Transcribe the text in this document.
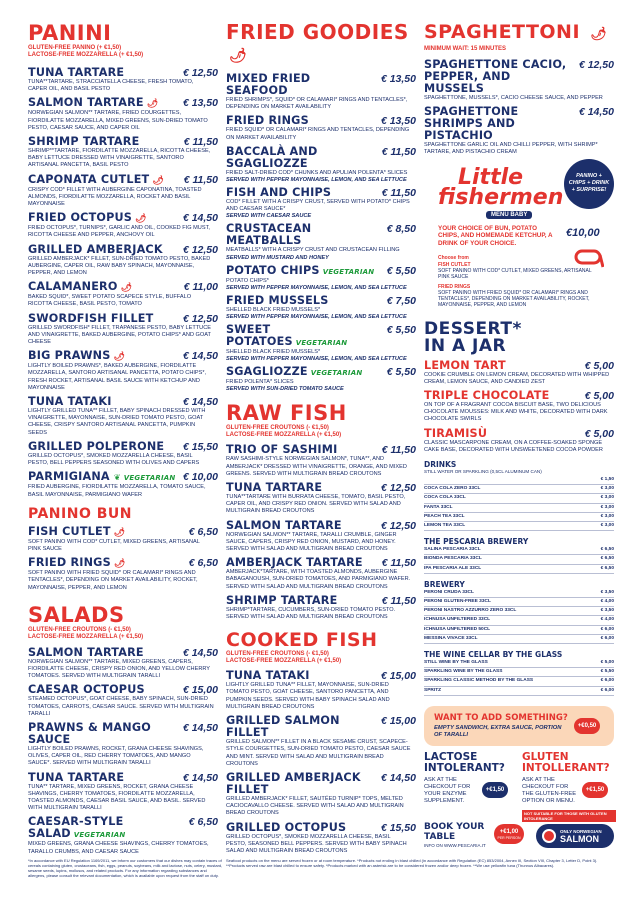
PANINI
GLUTEN-FREE PANINO (+ €1,50)
LACTOSE-FREE MOZZARELLA (+ €1,50)
TUNA TARTARE	€ 12,50
TUNA**TARTARE, STRACCIATELLA CHEESE, FRESH TOMATO, CAPER OIL, AND BASIL PESTO
SALMON TARTARE 🌶	€ 13,50
NORWEGIAN SALMON** TARTARE, FRIED COURGETTES, FIORDILATTE MOZZARELLA, MIXED GREENS, SUN-DRIED TOMATO PESTO, CAESAR SAUCE, AND CAPER OIL
SHRIMP TARTARE	€ 11,50
SHRIMP**TARTARE, FIORDILATTE MOZZARELLA, RICOTTA CHEESE, BABY LETTUCE DRESSED WITH VINAIGRETTE, SANTORO ARTISANAL PANCETTA, BASIL PESTO
CAPONATA CUTLET 🌶	€ 11,50
CRISPY COD* FILLET WITH AUBERGINE CAPONATINA, TOASTED ALMONDS, FIORDILATTE MOZZARELLA, ROCKET AND BASIL MAYONNAISE
FRIED OCTOPUS 🌶	€ 14,50
FRIED OCTOPUS*, TURNIPS*, GARLIC AND OIL, COOKED FIG MUST, RICOTTA CHEESE AND PEPPER, ANCHOVY OIL
GRILLED AMBERJACK	€ 12,50
GRILLED AMBERJACK* FILLET, SUN-DRIED TOMATO PESTO, BAKED AUBERGINE, CAPER OIL, RAW BABY SPINACH, MAYONNAISE, PEPPER, AND LEMON
CALAMANERO 🌶	€ 11,00
BAKED SQUID*, SWEET POTATO SCAPECE STYLE, BUFFALO RICOTTA CHEESE, BASIL PESTO, TOMATO
SWORDFISH FILLET	€ 12,50
GRILLED SWORDFISH* FILLET, TRAPANESE PESTO, BABY LETTUCE AND VINAIGRETTE, BAKED AUBERGINE, POTATO CHIPS* AND GOAT CHEESE
BIG PRAWNS 🌶	€ 14,50
LIGHTLY BOILED PRAWNS*, BAKED AUBERGINE, FIORDILATTE MOZZARELLA, SANTORO ARTISANAL PANCETTA, POTATO CHIPS*, FRESH ROCKET, ARTISANAL BASIL SAUCE WITH KETCHUP AND MAYONNAISE
TUNA TATAKI	€ 14,50
LIGHTLY GRILLED TUNA** FILLET, BABY SPINACH DRESSED WITH VINAIGRETTE, MAYONNAISE, SUN-DRIED TOMATO PESTO, GOAT CHEESE, CRISPY SANTORO ARTISANAL PANCETTA, PUMPKIN SEEDS
GRILLED POLPERONE	€ 15,50
GRILLED OCTOPUS*, SMOKED MOZZARELLA CHEESE, BASIL PESTO, BELL PEPPERS SEASONED WITH OLIVES AND CAPERS
PARMIGIANA ❦ VEGETARIAN € 10,00
FRIED AUBERGINE, FIORDILATTE MOZZARELLA, TOMATO SAUCE, BASIL MAYONNAISE, PARMIGIANO WAFER
PANINO BUN
FISH CUTLET 🌶	€ 6,50
SOFT PANINO WITH COD* CUTLET, MIXED GREENS, ARTISANAL PINK SAUCE
FRIED RINGS 🌶	€ 6,50
SOFT PANINO WITH FRIED SQUID* OR CALAMARI* RINGS AND TENTACLES*, DEPENDING ON MARKET AVAILABILITY, ROCKET, MAYONNAISE, PEPPER, AND LEMON
SALADS
GLUTEN-FREE CROUTONS (- €1,50)
LACTOSE-FREE MOZZARELLA (+ €1,50)
SALMON TARTARE	€ 14,50
NORWEGIAN SALMON** TARTARE, MIXED GREENS, CAPERS, FIORDILATTE CHEESE, CRISPY RED ONION, AND YELLOW CHERRY TOMATOES. SERVED WITH MULTIGRAIN TARALLI
CAESAR OCTOPUS	€ 15,00
STEAMED OCTOPUS*, GOAT CHEESE, BABY SPINACH, SUN-DRIED TOMATOES, CARROTS, CAESAR SAUCE. SERVED WITH MULTIGRAIN TARALLI
PRAWNS & MANGO SAUCE
€ 14,50
LIGHTLY BOILED PRAWNS, ROCKET, GRANA CHEESE SHAVINGS, OLIVES, CAPER OIL, RED CHERRY TOMATOES, AND MANGO SAUCE*. SERVED WITH MULTIGRAIN TARALLI
TUNA TARTARE	€ 14,50
TUNA** TARTARE, MIXED GREENS, ROCKET, GRANA CHEESE SHAVINGS, CHERRY TOMATOES, FIORDILATTE MOZZARELLA, TOASTED ALMONDS, CAESAR BASIL SAUCE, AND BASIL. SERVED WITH MULTIGRAIN TARALLI
CAESAR-STYLE SALAD VEGETARIAN
€ 6,50
MIXED GREENS, GRANA CHEESE SHAVINGS, CHERRY TOMATOES, TARALLO CRUMBS, AND CAESAR SAUCE
FRIED GOODIES 🌶
MIXED FRIED SEAFOOD
€ 13,50
FRIED SHRIMPS*, SQUID* OR CALAMARI* RINGS AND TENTACLES*, DEPENDING ON MARKET AVAILABILITY
FRIED RINGS	€ 13,50
FRIED SQUID* OR CALAMARI* RINGS AND TENTACLES, DEPENDING ON MARKET AVAILABILITY
BACCALÀ AND SGAGLIOZZE
€ 11,50
FRIED SALT-DRIED COD* CHUNKS AND APULIAN POLENTA* SLICES
SERVED WITH PEPPER MAYONNAISE, LEMON, AND SEA LETTUCE
FISH AND CHIPS	€ 11,50
COD* FILLET WITH A CRISPY CRUST, SERVED WITH POTATO* CHIPS AND CAESAR SAUCE*
SERVED WITH CAESAR SAUCE
CRUSTACEAN MEATBALLS
€ 8,50
MEATBALLS* WITH A CRISPY CRUST AND CRUSTACEAN FILLING
SERVED WITH MUSTARD AND HONEY
POTATO CHIPS VEGETARIAN	€ 5,50
POTATO CHIPS*
SERVED WITH PEPPER MAYONNAISE, LEMON, AND SEA LETTUCE
FRIED MUSSELS	€ 7,50
SHELLED BLACK FRIED MUSSELS*
SERVED WITH PEPPER MAYONNAISE, LEMON, AND SEA LETTUCE
SWEET POTATOES VEGETARIAN
€ 5,50
SHELLED BLACK FRIED MUSSELS*
SERVED WITH PEPPER MAYONNAISE, LEMON, AND SEA LETTUCE
SGAGLIOZZE VEGETARIAN	€ 5,50
FRIED POLENTA* SLICES
SERVED WITH SUN-DRIED TOMATO SAUCE
RAW FISH
GLUTEN-FREE CROUTONS (- €1,50)
LACTOSE-FREE MOZZARELLA (+ €1,50)
TRIO OF SASHIMI	€ 11,50
RAW SASHIMI-STYLE NORWEGIAN SALMON*, TUNA**, AND AMBERJACK* DRESSED WITH VINAIGRETTE, ORANGE, AND MIXED GREENS. SERVED WITH MULTIGRAIN BREAD CROUTONS
TUNA TARTARE	€ 12,50
TUNA**TARTARE WITH BURRATA CHEESE, TOMATO, BASIL PESTO, CAPER OIL, AND CRISPY RED ONION. SERVED WITH SALAD AND MULTIGRAIN BREAD CROUTONS
SALMON TARTARE	€ 12,50
NORWEGIAN SALMON** TARTARE, TARALLI CRUMBLE, GINGER SAUCE, CAPERS, CRISPY RED ONION, MUSTARD, AND HONEY. SERVED WITH SALAD AND MULTIGRAIN BREAD CROUTONS
AMBERJACK TARTARE	€ 11,50
AMBERJACK*TARTARE, WITH TOASTED ALMONDS, AUBERGINE BABAGANOUSH, SUN-DRIED TOMATOES, AND PARMIGIANO WAFER. SERVED WITH SALAD AND MULTIGRAIN BREAD CROUTONS
SHRIMP TARTARE	€ 11,50
SHRIMP*TARTARE, CUCUMBERS, SUN-DRIED TOMATO PESTO. SERVED WITH SALAD AND MULTIGRAIN BREAD CROUTONS
COOKED FISH
GLUTEN-FREE CROUTONS (- €1,50)
LACTOSE-FREE MOZZARELLA (+ €1,50)
TUNA TATAKI	€ 15,00
LIGHTLY GRILLED TUNA** FILLET, MAYONNAISE, SUN-DRIED TOMATO PESTO, GOAT CHEESE, SANTORO PANCETTA, AND PUMPKIN SEEDS. SERVED WITH BABY SPINACH SALAD AND MULTIGRAIN BREAD CROUTONS
GRILLED SALMON FILLET
€ 15,00
GRILLED SALMON** FILLET IN A BLACK SESAME CRUST, SCAPECE-STYLE COURGETTES, SUN-DRIED TOMATO PESTO, CAESAR SAUCE AND MINT. SERVED WITH SALAD AND MULTIGRAIN BREAD CROUTONS
GRILLED AMBERJACK FILLET
€ 14,50
GRILLED AMBERJACK* FILLET, SAUTÉED TURNIP* TOPS, MELTED CACIOCAVALLO CHEESE. SERVED WITH SALAD AND MULTIGRAIN BREAD CROUTONS
GRILLED OCTOPUS	€ 15,50
GRILLED OCTOPUS*, SMOKED MOZZARELLA CHEESE, BASIL PESTO, SEASONED BELL PEPPERS. SERVED WITH BABY SPINACH SALAD AND MULTIGRAIN BREAD CROUTONS
SPAGHETTONI 🌶
MINIMUM WAIT: 15 MINUTES
SPAGHETTONE CACIO, PEPPER, AND MUSSELS
€ 12,50
SPAGHETTONE, MUSSELS*, CACIO CHEESE SAUCE, AND PEPPER
SPAGHETTONE SHRIMPS AND PISTACHIO
€ 14,50
SPAGHETTONE GARLIC OIL AND CHILLI PEPPER, WITH SHRIMP* TARTARE, AND PISTACHIO CREAM
Little
fishermen
MENU BABY
PANINO + CHIPS + DRINK + SURPRISE!
YOUR CHOICE OF BUN, POTATO CHIPS, AND HOMEMADE KETCHUP, A DRINK OF YOUR CHOICE.
€10,00
Choose from
FISH CUTLET
SOFT PANINO WITH COD* CUTLET, MIXED GREENS, ARTISANAL PINK SAUCE
FRIED RINGS
SOFT PANINO WITH FRIED SQUID* OR CALAMARI* RINGS AND TENTACLES*, DEPENDING ON MARKET AVAILABILITY, ROCKET, MAYONNAISE, PEPPER, AND LEMON
DESSERT*
IN A JAR
LEMON TART	€ 5,00
COOKIE CRUMBLE ON LEMON CREAM, DECORATED WITH WHIPPED CREAM, LEMON SAUCE, AND CANDIED ZEST
TRIPLE CHOCOLATE	€ 5,00
ON TOP OF A FRAGRANT COCOA BISCUIT BASE, TWO DELICIOUS CHOCOLATE MOUSSES: MILK AND WHITE, DECORATED WITH DARK CHOCOLATE SWIRLS
TIRAMISÙ	€ 5,00
CLASSIC MASCARPONE CREAM, ON A COFFEE-SOAKED SPONGE CAKE BASE, DECORATED WITH UNSWEETENED COCOA POWDER
DRINKS
STILL WATER OR SPARKLING (0,5CL ALUMINUM CAN)
€ 1,50
COCA COLA ZERO 33CL	€ 3,00
COCA COLA 33CL	€ 3,00
FANTA 33CL	€ 3,00
PEACH TEA 33CL	€ 3,00
LEMON TEA 33CL	€ 3,00
THE PESCARIA BREWERY
SALINA PESCARIA 33CL	€ 6,50
BIONDA PESCARIA 33CL	€ 6,50
IPA PESCARIA ALE 33CL	€ 6,50
BREWERY
PERONI CRUDA 33CL	€ 3,50
PERONI GLUTEN-FREE 33CL	€ 4,00
PERONI NASTRO AZZURRO ZERO 33CL	€ 3,50
ICHNUSA UNFILTERED 33CL	€ 4,00
ICHNUSA UNFILTERED 50CL	€ 6,00
MESSINA VIVACE 33CL	€ 6,00
THE WINE CELLAR BY THE GLASS
STILL WINE BY THE GLASS	€ 5,00
SPARKLING WINE BY THE GLASS	€ 5,50
SPARKLING CLASSIC METHOD BY THE GLASS	€ 6,00
SPRITZ	€ 6,00
WANT TO ADD SOMETHING?
EMPTY SANDWICH, EXTRA SAUCE, PORTION OF TARALLI
+€0,50
LACTOSE INTOLERANT?
ASK AT THE CHECKOUT FOR YOUR ENZYME SUPPLEMENT.
+€1,50
GLUTEN INTOLLERANT?
ASK AT THE CHECKOUT FOR THE GLUTEN-FREE OPTION OR MENU.
+€1,50
NOT SUITABLE FOR THOSE WITH GLUTEN INTOLERANCE
BOOK YOUR TABLE
INFO ON WWW.PESCARIA.IT
+€1,00
PER PERSON
ONLY NORWEGIAN
SALMON
*In accordance with EU Regulation 1169/2011, we inform our customers that our dishes may contain traces of cereals containing gluten, crustaceans, fish, eggs, peanuts, soybeans, milk and lactose, nuts, celery, mustard, sesame seeds, lupins, molluscs, and related products. For any information regarding substances and allergens, please consult the relevant documentation, which is available upon request from the staff on duty.
Seafood products on the menu are served frozen or at room temperature. *Products not ending in blast chilled (in accordance with Regulation (EC) 853/2004, Annex III, Section VIII, Chapter 3, Letter D, Point 3). **Products served raw are blast chilled to ensure safety. *Products marked with an asterisk are to be considered frozen and/or deep frozen. **We use yellowfin tuna (Thunnus Albacares).
